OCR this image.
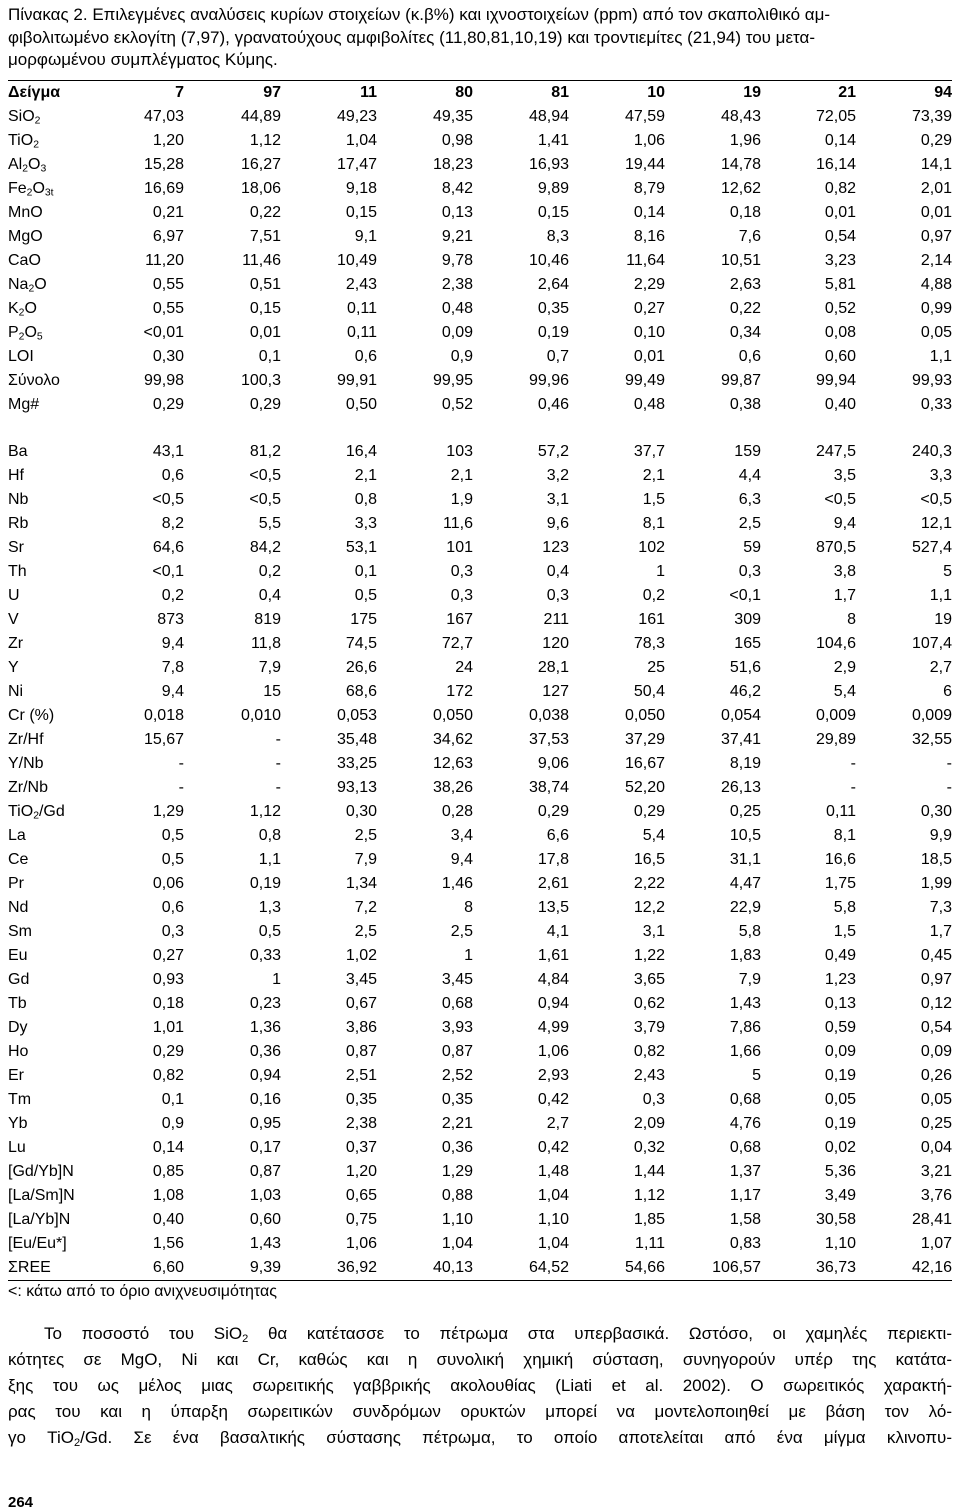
Πίνακας 2. Επιλεγμένες αναλύσεις κυρίων στοιχείων (κ.β%) και ιχνοστοιχείων (ppm) από τον σκαπολιθικό αμ-
φιβολιτωμένο εκλογίτη (7,97), γρανατούχους αμφιβολίτες (11,80,81,10,19) και τροντιεμίτες (21,94) του μετα-
μορφωμένου συμπλέγματος Κύμης.
Δείγμα	7	97	11	80	81	10	19	21	94
SiO$_2$	47,03	44,89	49,23	49,35	48,94	47,59	48,43	72,05	73,39
TiO$_2$	1,20	1,12	1,04	0,98	1,41	1,06	1,96	0,14	0,29
$Al_2O_3$	15,28	16,27	17,47	18,23	16,93	19,44	14,78	16,14	14,1
$Fe_2O_{3t}$	16,69	18,06	9,18	8,42	9,89	8,79	12,62	0,82	2,01
MnO	0,21	0,22	0,15	0,13	0,15	0,14	0,18	0,01	0,01
MgO	6,97	7,51	9,1	9,21	8,3	8,16	7,6	0,54	0,97
CaO	11,20	11,46	10,49	9,78	10,46	11,64	10,51	3,23	2,14
$Na_2O$	0,55	0,51	2,43	2,38	2,64	2,29	2,63	5,81	4,88
$K_2O$	0,55	0,15	0,11	0,48	0,35	0,27	0,22	0,52	0,99
$P_2O_5$	<0,01	0,01	0,11	0,09	0,19	0,10	0,34	0,08	0,05
LOI	0,30	0,1	0,6	0,9	0,7	0,01	0,6	0,60	1,1
Σύνολο	99,98	100,3	99,91	99,95	99,96	99,49	99,87	99,94	99,93
Mg#	0,29	0,29	0,50	0,52	0,46	0,48	0,38	0,40	0,33

Ba	43,1	81,2	16,4	103	57,2	37,7	159	247,5	240,3
Hf	0,6	<0,5	2,1	2,1	3,2	2,1	4,4	3,5	3,3
Nb	<0,5	<0,5	0,8	1,9	3,1	1,5	6,3	<0,5	<0,5
Rb	8,2	5,5	3,3	11,6	9,6	8,1	2,5	9,4	12,1
Sr	64,6	84,2	53,1	101	123	102	59	870,5	527,4
Th	<0,1	0,2	0,1	0,3	0,4	1	0,3	3,8	5
U	0,2	0,4	0,5	0,3	0,3	0,2	<0,1	1,7	1,1
V	873	819	175	167	211	161	309	8	19
Zr	9,4	11,8	74,5	72,7	120	78,3	165	104,6	107,4
Y	7,8	7,9	26,6	24	28,1	25	51,6	2,9	2,7
Ni	9,4	15	68,6	172	127	50,4	46,2	5,4	6
Cr (%)	0,018	0,010	0,053	0,050	0,038	0,050	0,054	0,009	0,009
Zr/Hf	15,67	-	35,48	34,62	37,53	37,29	37,41	29,89	32,55
Y/Nb	-	-	33,25	12,63	9,06	16,67	8,19	-	-
Zr/Nb	-	-	93,13	38,26	38,74	52,20	26,13	-	-
TiO$_2$/Gd	1,29	1,12	0,30	0,28	0,29	0,29	0,25	0,11	0,30
La	0,5	0,8	2,5	3,4	6,6	5,4	10,5	8,1	9,9
Ce	0,5	1,1	7,9	9,4	17,8	16,5	31,1	16,6	18,5
Pr	0,06	0,19	1,34	1,46	2,61	2,22	4,47	1,75	1,99
Nd	0,6	1,3	7,2	8	13,5	12,2	22,9	5,8	7,3
Sm	0,3	0,5	2,5	2,5	4,1	3,1	5,8	1,5	1,7
Eu	0,27	0,33	1,02	1	1,61	1,22	1,83	0,49	0,45
Gd	0,93	1	3,45	3,45	4,84	3,65	7,9	1,23	0,97
Tb	0,18	0,23	0,67	0,68	0,94	0,62	1,43	0,13	0,12
Dy	1,01	1,36	3,86	3,93	4,99	3,79	7,86	0,59	0,54
Ho	0,29	0,36	0,87	0,87	1,06	0,82	1,66	0,09	0,09
Er	0,82	0,94	2,51	2,52	2,93	2,43	5	0,19	0,26
Tm	0,1	0,16	0,35	0,35	0,42	0,3	0,68	0,05	0,05
Yb	0,9	0,95	2,38	2,21	2,7	2,09	4,76	0,19	0,25
Lu	0,14	0,17	0,37	0,36	0,42	0,32	0,68	0,02	0,04
[Gd/Yb]N	0,85	0,87	1,20	1,29	1,48	1,44	1,37	5,36	3,21
[La/Sm]N	1,08	1,03	0,65	0,88	1,04	1,12	1,17	3,49	3,76
[La/Yb]N	0,40	0,60	0,75	1,10	1,10	1,85	1,58	30,58	28,41
[Eu/Eu*]	1,56	1,43	1,06	1,04	1,04	1,11	0,83	1,10	1,07
ΣREE	6,60	9,39	36,92	40,13	64,52	54,66	106,57	36,73	42,16
<: κάτω από το όριο ανιχνευσιμότητας
Το ποσοστό του SiO$_2$ θα κατέτασσε το πέτρωμα στα υπερβασικά. Ωστόσο, οι χαμηλές περιεκτι-
κότητες σε MgO, Ni και Cr, καθώς και η συνολική χημική σύσταση, συνηγορούν υπέρ της κατάτα-
ξης του ως μέλος μιας σωρειτικής γαββρικής ακολουθίας (Liati et al. 2002). Ο σωρειτικός χαρακτή-
ρας του και η ύπαρξη σωρειτικών συνδρόμων ορυκτών μπορεί να μοντελοποιηθεί με βάση τον λό-
γο TiO$_2$/Gd. Σε ένα βασαλτικής σύστασης πέτρωμα, το οποίο αποτελείται από ένα μίγμα κλινοπυ-
264
